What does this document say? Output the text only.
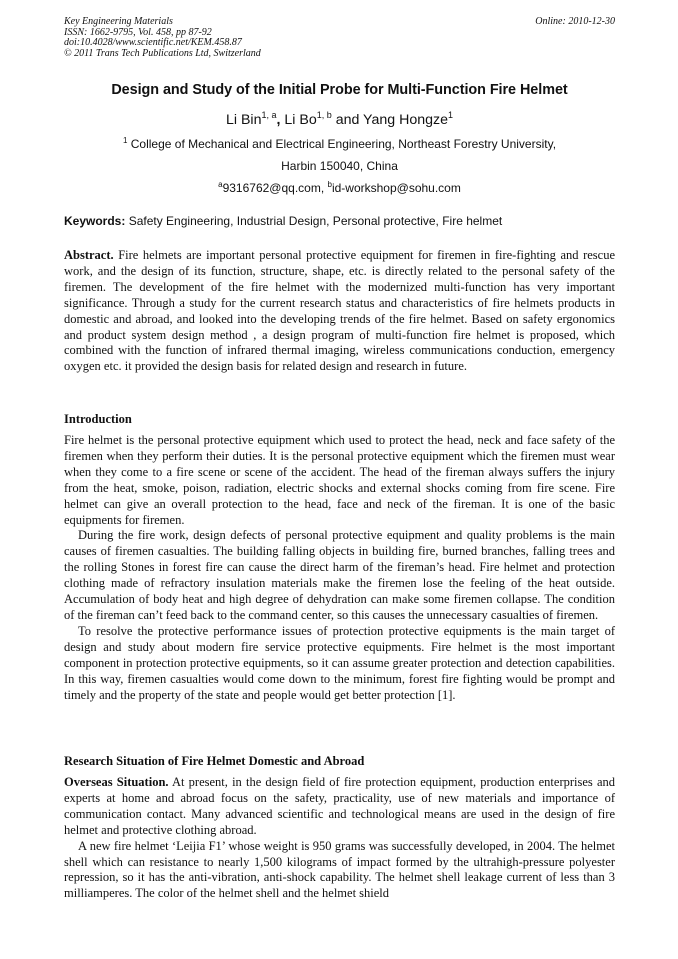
Key Engineering Materials
ISSN: 1662-9795, Vol. 458, pp 87-92
doi:10.4028/www.scientific.net/KEM.458.87
© 2011 Trans Tech Publications Ltd, Switzerland
Online: 2010-12-30
Design and Study of the Initial Probe for Multi-Function Fire Helmet
Li Bin$^{1, a}$, Li Bo$^{1, b}$ and Yang Hongze$^1$
$^1$ College of Mechanical and Electrical Engineering, Northeast Forestry University,
Harbin 150040, China
$^a$9316762@qq.com, $^b$id-workshop@sohu.com
Keywords: Safety Engineering, Industrial Design, Personal protective, Fire helmet

Abstract. Fire helmets are important personal protective equipment for firemen in fire-fighting and rescue work, and the design of its function, structure, shape, etc. is directly related to the personal safety of the firemen. The development of the fire helmet with the modernized multi-function has very important significance. Through a study for the current research status and characteristics of fire helmets products in domestic and abroad, and looked into the developing trends of the fire helmet. Based on safety ergonomics and product system design method , a design program of multi-function fire helmet is proposed, which combined with the function of infrared thermal imaging, wireless communications conduction, emergency oxygen etc. it provided the design basis for related design and research in future.

Introduction

Fire helmet is the personal protective equipment which used to protect the head, neck and face safety of the firemen when they perform their duties. It is the personal protective equipment which the firemen must wear when they come to a fire scene or scene of the accident. The head of the fireman always suffers the injury from the heat, smoke, poison, radiation, electric shocks and external shocks coming from fire scene. Fire helmet can give an overall protection to the head, face and neck of the fireman. It is one of the basic equipments for firemen.

During the fire work, design defects of personal protective equipment and quality problems is the main causes of firemen casualties. The building falling objects in building fire, burned branches, falling trees and the rolling Stones in forest fire can cause the direct harm of the fireman’s head. Fire helmet and protection clothing made of refractory insulation materials make the firemen lose the feeling of the heat outside. Accumulation of body heat and high degree of dehydration can make some firemen collapse. The condition of the fireman can’t feed back to the command center, so this causes the unnecessary casualties of firemen.

To resolve the protective performance issues of protection protective equipments is the main target of design and study about modern fire service protective equipments. Fire helmet is the most important component in protection protective equipments, so it can assume greater protection and detection capabilities. In this way, firemen casualties would come down to the minimum, forest fire fighting would be prompt and timely and the property of the state and people would get better protection [1].

Research Situation of Fire Helmet Domestic and Abroad

Overseas Situation. At present, in the design field of fire protection equipment, production enterprises and experts at home and abroad focus on the safety, practicality, use of new materials and importance of communication contact. Many advanced scientific and technological means are used in the design of fire helmet and protective clothing abroad.

A new fire helmet ‘Leijia F1’ whose weight is 950 grams was successfully developed, in 2004. The helmet shell which can resistance to nearly 1,500 kilograms of impact formed by the ultrahigh-pressure polyester repression, so it has the anti-vibration, anti-shock capability. The helmet shell leakage current of less than 3 milliamperes. The color of the helmet shell and the helmet shield
